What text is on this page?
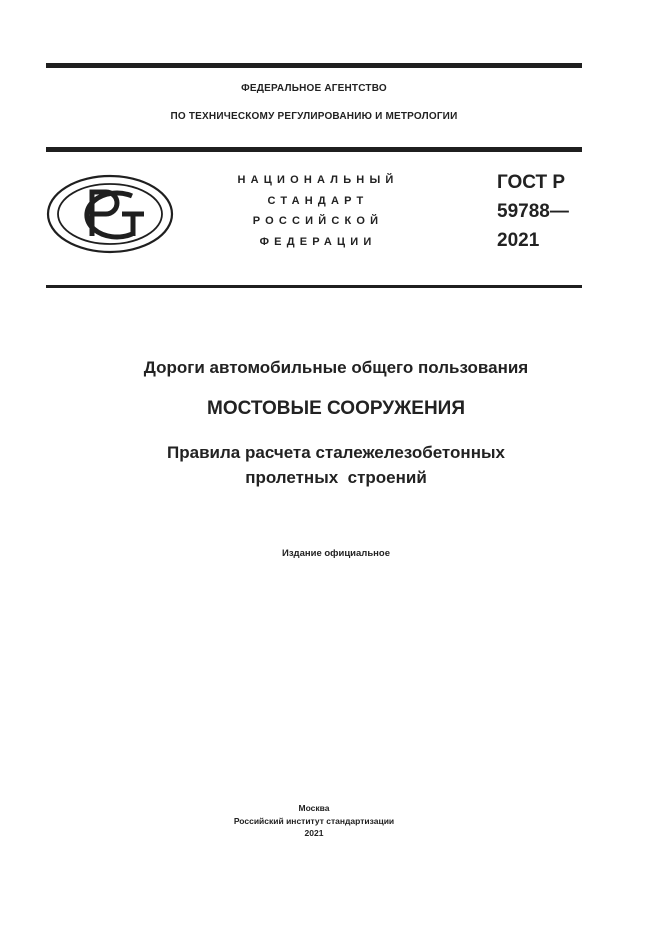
ФЕДЕРАЛЬНОЕ АГЕНТСТВО
ПО ТЕХНИЧЕСКОМУ РЕГУЛИРОВАНИЮ И МЕТРОЛОГИИ
НАЦИОНАЛЬНЫЙ
СТАНДАРТ
РОССИЙСКОЙ
ФЕДЕРАЦИИ
ГОСТ Р
59788—
2021
Дороги автомобильные общего пользования
МОСТОВЫЕ СООРУЖЕНИЯ
Правила расчета сталежелезобетонных
пролетных  строений
Издание официальное
Москва
Российский институт стандартизации
2021
